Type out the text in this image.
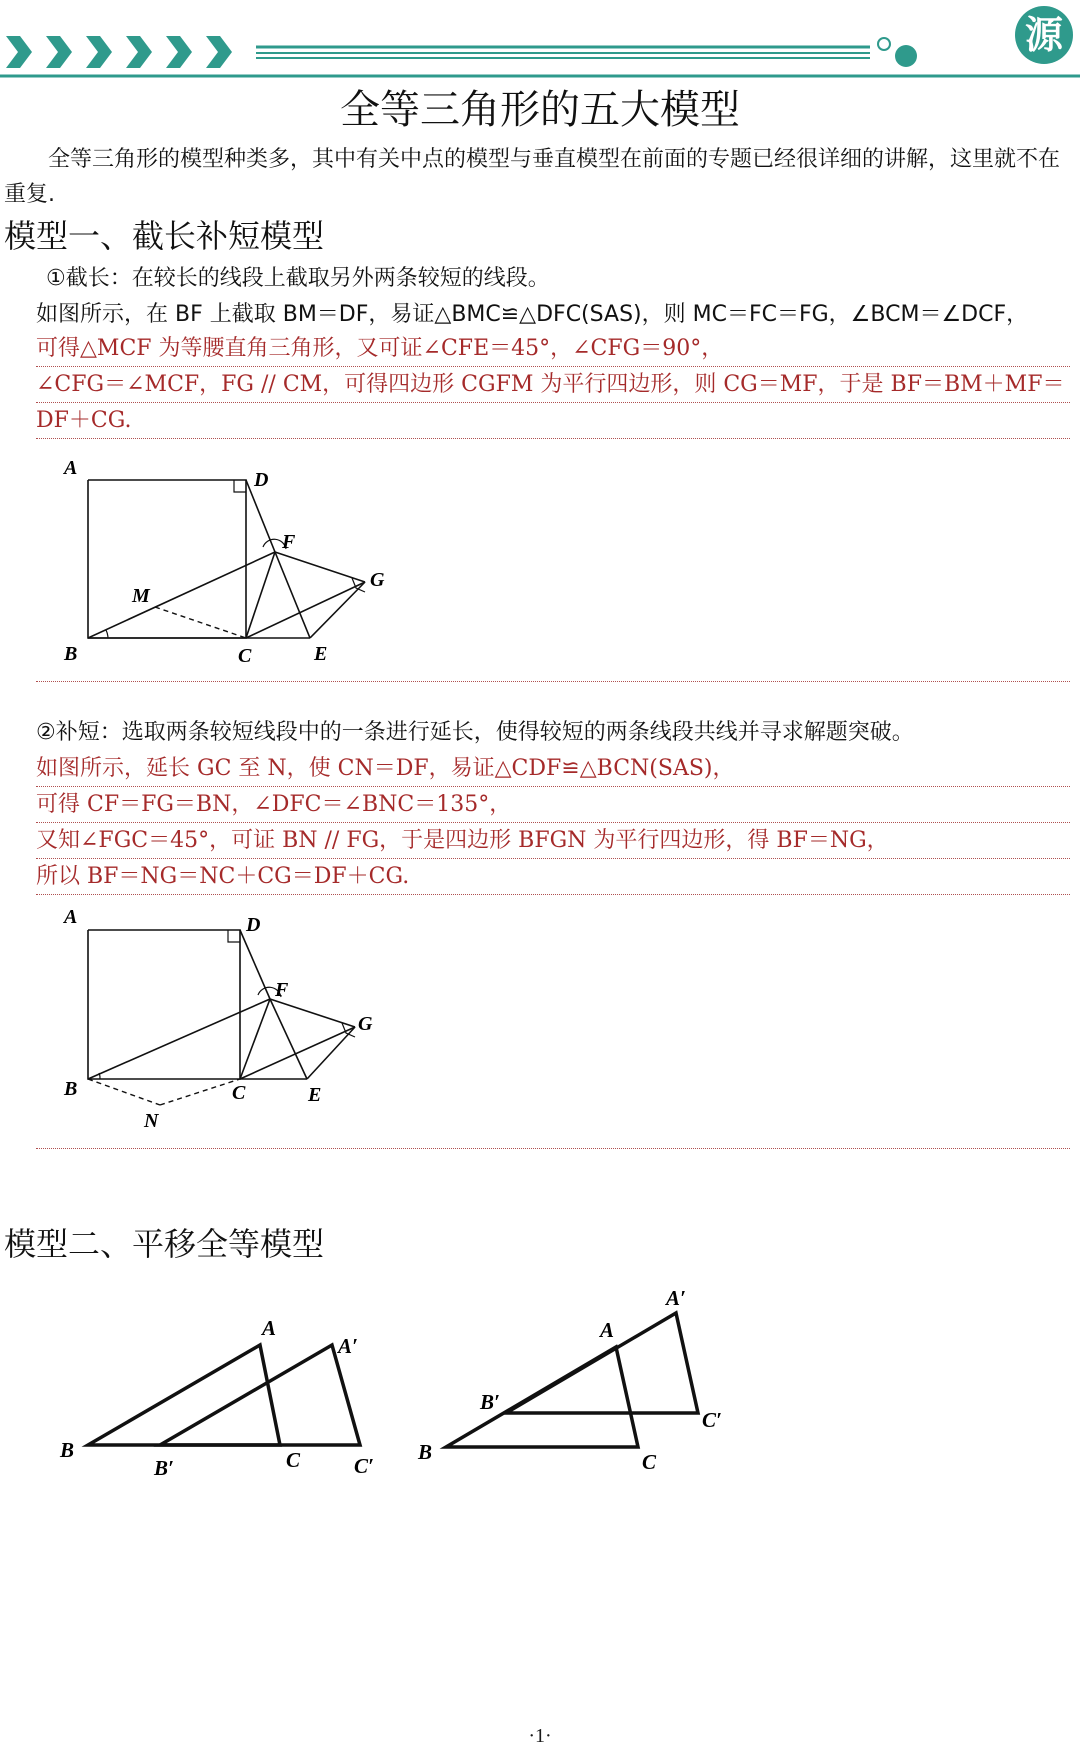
源
全等三角形的五大模型
全等三角形的模型种类多，其中有关中点的模型与垂直模型在前面的专题已经很详细的讲解，这里就不在重复.
模型一、截长补短模型
①截长：在较长的线段上截取另外两条较短的线段。
如图所示，在 BF 上截取 BM＝DF，易证△BMC≌△DFC(SAS)，则 MC＝FC＝FG，∠BCM＝∠DCF，
可得△MCF 为等腰直角三角形，又可证∠CFE＝45°，∠CFG＝90°，
∠CFG＝∠MCF，FG // CM，可得四边形 CGFM 为平行四边形，则 CG＝MF，于是 BF＝BM＋MF＝
DF＋CG.
A
D
F
G
M
B	C	E
②补短：选取两条较短线段中的一条进行延长，使得较短的两条线段共线并寻求解题突破。
如图所示，延长 GC 至 N，使 CN＝DF，易证△CDF≌△BCN(SAS)，
可得 CF＝FG＝BN，∠DFC＝∠BNC＝135°，
又知∠FGC＝45°，可证 BN // FG，于是四边形 BFGN 为平行四边形，得 BF＝NG，
所以 BF＝NG＝NC＋CG＝DF＋CG.
A	D
F
G
B	C	E
N
模型二、平移全等模型
A
A′
B
B′	C	C′
A
A′
B
B′
C
C′
·1·
